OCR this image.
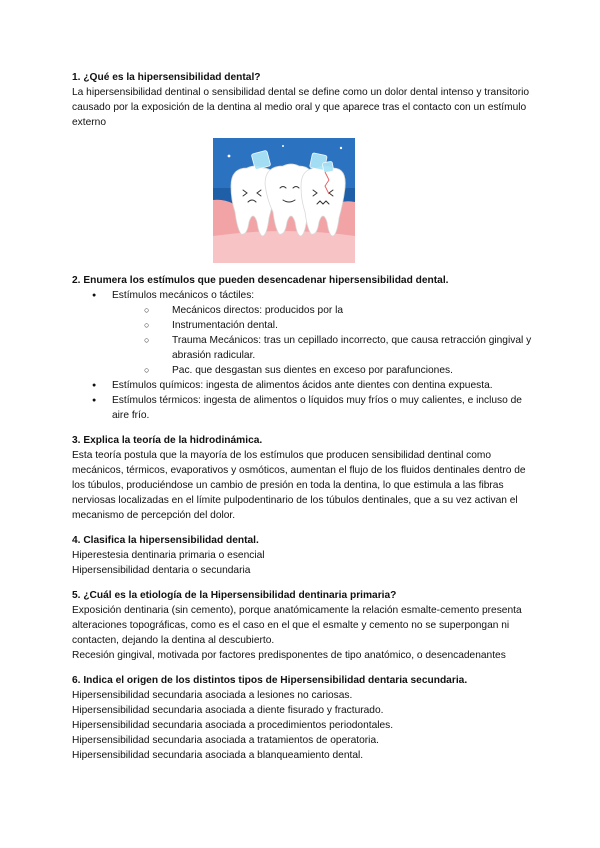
1. ¿Qué es la hipersensibilidad dental?

La hipersensibilidad dentinal o sensibilidad dental se define como un dolor dental intenso y transitorio causado por la exposición de la dentina al medio oral y que aparece tras el contacto con un estímulo externo

2. Enumera los estímulos que pueden desencadenar hipersensibilidad dental.

● Estímulos mecánicos o táctiles:
○ Mecánicos directos: producidos por la
○ Instrumentación dental.
○ Trauma Mecánicos: tras un cepillado incorrecto, que causa retracción gingival y abrasión radicular.
○ Pac. que desgastan sus dientes en exceso por parafunciones.
● Estímulos químicos: ingesta de alimentos ácidos ante dientes con dentina expuesta.
● Estímulos térmicos: ingesta de alimentos o líquidos muy fríos o muy calientes, e incluso de aire frío.

3. Explica la teoría de la hidrodinámica.

Esta teoría postula que la mayoría de los estímulos que producen sensibilidad dentinal como mecánicos, térmicos, evaporativos y osmóticos, aumentan el flujo de los fluidos dentinales dentro de los túbulos, produciéndose un cambio de presión en toda la dentina, lo que estimula a las fibras nerviosas localizadas en el límite pulpodentinario de los túbulos dentinales, que a su vez activan el mecanismo de percepción del dolor.

4. Clasifica la hipersensibilidad dental.

Hiperestesia dentinaria primaria o esencial

Hipersensibilidad dentaria o secundaria

5. ¿Cuál es la etiología de la Hipersensibilidad dentinaria primaria?

Exposición dentinaria (sin cemento), porque anatómicamente la relación esmalte-cemento presenta alteraciones topográficas, como es el caso en el que el esmalte y cemento no se superpongan ni contacten, dejando la dentina al descubierto.

Recesión gingival, motivada por factores predisponentes de tipo anatómico, o desencadenantes

6. Indica el origen de los distintos tipos de Hipersensibilidad dentaria secundaria.

Hipersensibilidad secundaria asociada a lesiones no cariosas.

Hipersensibilidad secundaria asociada a diente fisurado y fracturado.

Hipersensibilidad secundaria asociada a procedimientos periodontales.

Hipersensibilidad secundaria asociada a tratamientos de operatoria.

Hipersensibilidad secundaria asociada a blanqueamiento dental.
